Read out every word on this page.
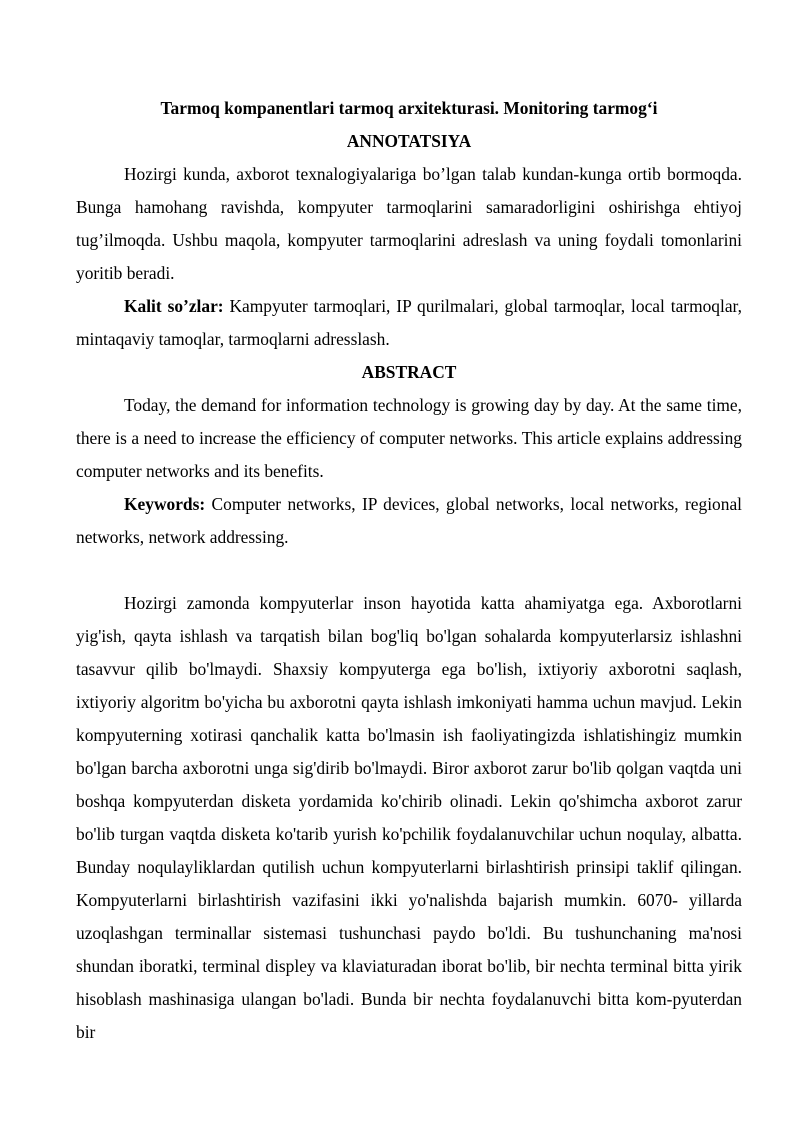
Tarmoq kompanentlari tarmoq arxitekturasi. Monitoring tarmog‘i

ANNOTATSIYA

Hozirgi kunda, axborot texnalogiyalariga bo’lgan talab kundan-kunga ortib bormoqda. Bunga hamohang ravishda, kompyuter tarmoqlarini samaradorligini oshirishga ehtiyoj tug’ilmoqda. Ushbu maqola, kompyuter tarmoqlarini adreslash va uning foydali tomonlarini yoritib beradi.

Kalit so’zlar: Kampyuter tarmoqlari, IP qurilmalari, global tarmoqlar, local tarmoqlar, mintaqaviy tamoqlar, tarmoqlarni adresslash.

ABSTRACT

Today, the demand for information technology is growing day by day. At the same time, there is a need to increase the efficiency of computer networks. This article explains addressing computer networks and its benefits.

Keywords: Computer networks, IP devices, global networks, local networks, regional networks, network addressing.

Hozirgi zamonda kompyuterlar inson hayotida katta ahamiyatga ega. Axborotlarni yig'ish, qayta ishlash va tarqatish bilan bog'liq bo'lgan sohalarda kompyuterlarsiz ishlashni tasavvur qilib bo'lmaydi. Shaxsiy kompyuterga ega bo'lish, ixtiyoriy axborotni saqlash, ixtiyoriy algoritm bo'yicha bu axborotni qayta ishlash imkoniyati hamma uchun mavjud. Lekin kompyuterning xotirasi qanchalik katta bo'lmasin ish faoliyatingizda ishlatishingiz mumkin bo'lgan barcha axborotni unga sig'dirib bo'lmaydi. Biror axborot zarur bo'lib qolgan vaqtda uni boshqa kompyuterdan disketa yordamida ko'chirib olinadi. Lekin qo'shimcha axborot zarur bo'lib turgan vaqtda disketa ko'tarib yurish ko'pchilik foydalanuvchilar uchun noqulay, albatta. Bunday noqulayliklardan qutilish uchun kompyuterlarni birlashtirish prinsipi taklif qilingan. Kompyuterlarni birlashtirish vazifasini ikki yo'nalishda bajarish mumkin. 6070- yillarda uzoqlashgan terminallar sistemasi tushunchasi paydo bo'ldi. Bu tushunchaning ma'nosi shundan iboratki, terminal displey va klaviaturadan iborat bo'lib, bir nechta terminal bitta yirik hisoblash mashinasiga ulangan bo'ladi. Bunda bir nechta foydalanuvchi bitta kom-pyuterdan bir
